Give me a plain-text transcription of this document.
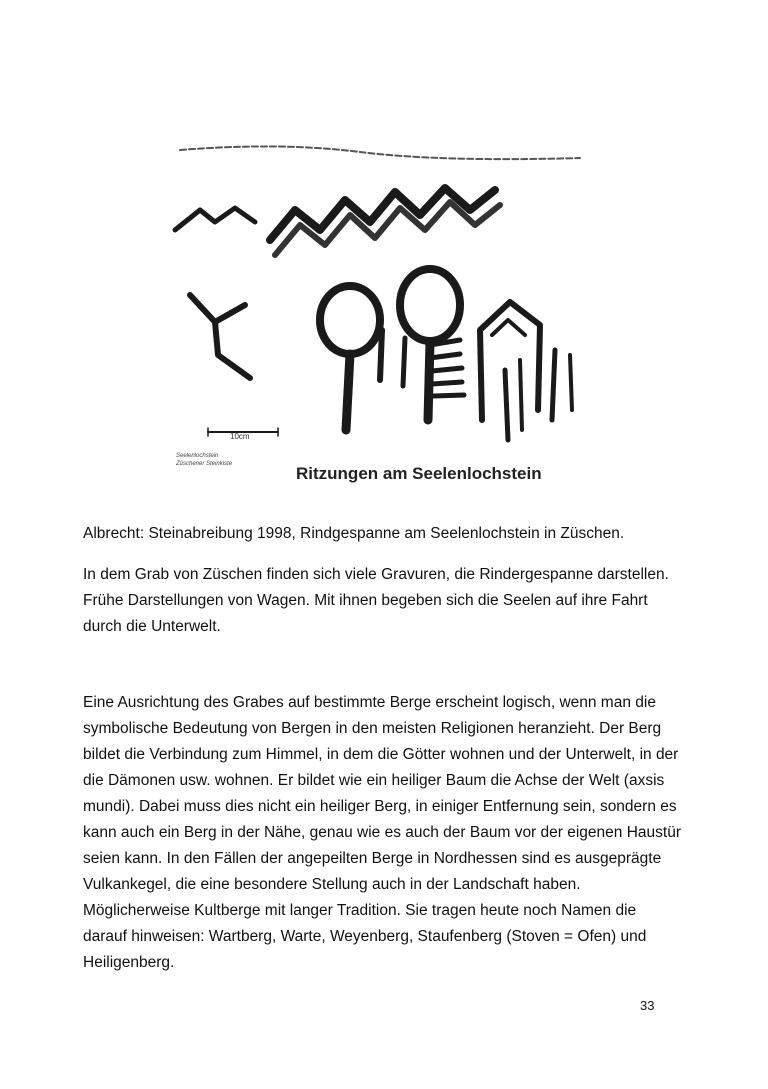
10cm
Seelenlochstein
Züschener Steinkiste	Ritzungen am Seelenlochstein
Albrecht: Steinabreibung 1998, Rindgespanne am Seelenlochstein in Züschen.
In dem Grab von Züschen finden sich viele Gravuren, die Rindergespanne darstellen. Frühe Darstellungen von Wagen. Mit ihnen begeben sich die Seelen auf ihre Fahrt durch die Unterwelt.
Eine Ausrichtung des Grabes auf bestimmte Berge erscheint logisch, wenn man die symbolische Bedeutung von Bergen in den meisten Religionen heranzieht. Der Berg bildet die Verbindung zum Himmel, in dem die Götter wohnen und der Unterwelt, in der die Dämonen usw. wohnen. Er bildet wie ein heiliger Baum die Achse der Welt (axsis mundi). Dabei muss dies nicht ein heiliger Berg, in einiger Entfernung sein, sondern es kann auch ein Berg in der Nähe, genau wie es auch der Baum vor der eigenen Haustür seien kann. In den Fällen der angepeilten Berge in Nordhessen sind es ausgeprägte Vulkankegel, die eine besondere Stellung auch in der Landschaft haben. Möglicherweise Kultberge mit langer Tradition. Sie tragen heute noch Namen die darauf hinweisen: Wartberg, Warte, Weyenberg, Staufenberg (Stoven = Ofen) und Heiligenberg.
33
